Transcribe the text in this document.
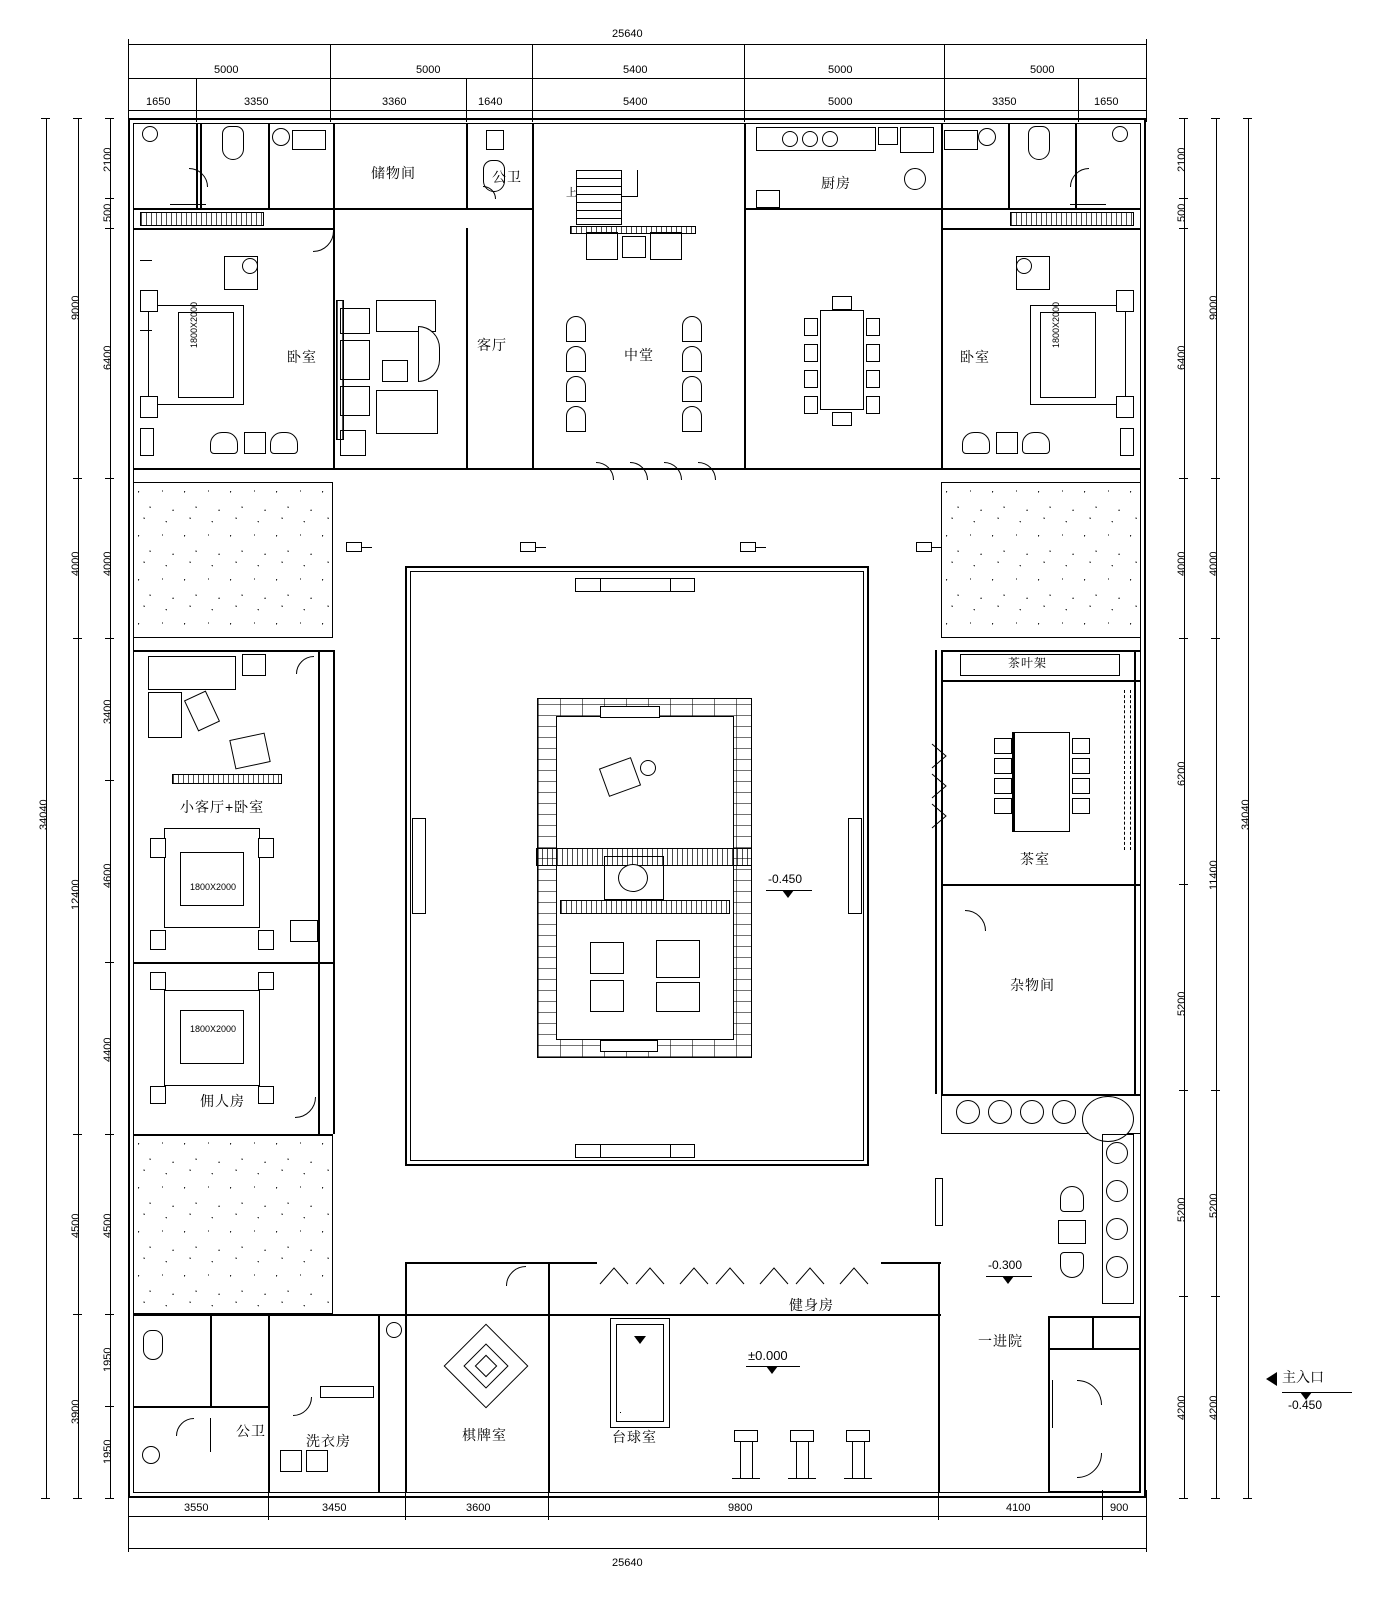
25640
5000	5000	5400	5000	5000
1650	3350	3360	1640	5400	5000	3350	1650
3550	3450	3600	9800	4100	900
25640
34040
9000
4000
12400
4500
3900
2100
500
6400
4000
3400
4600
4400
4500
1950
1950
2100
500
6400
4000
6200
5200
5200
4200
9000
4000
11400
5200
4200
34040
上
储物间	公卫	厨房
卧室
1800X2000
卧室
1800X2000
客厅
中堂
-0.450
小客厅+卧室
1800X2000
佣人房
1800X2000
茶叶架
茶室
杂物间
-0.300
一进院
主入口
-0.450
公卫
洗衣房	棋牌室	台球室
健身房
±0.000
